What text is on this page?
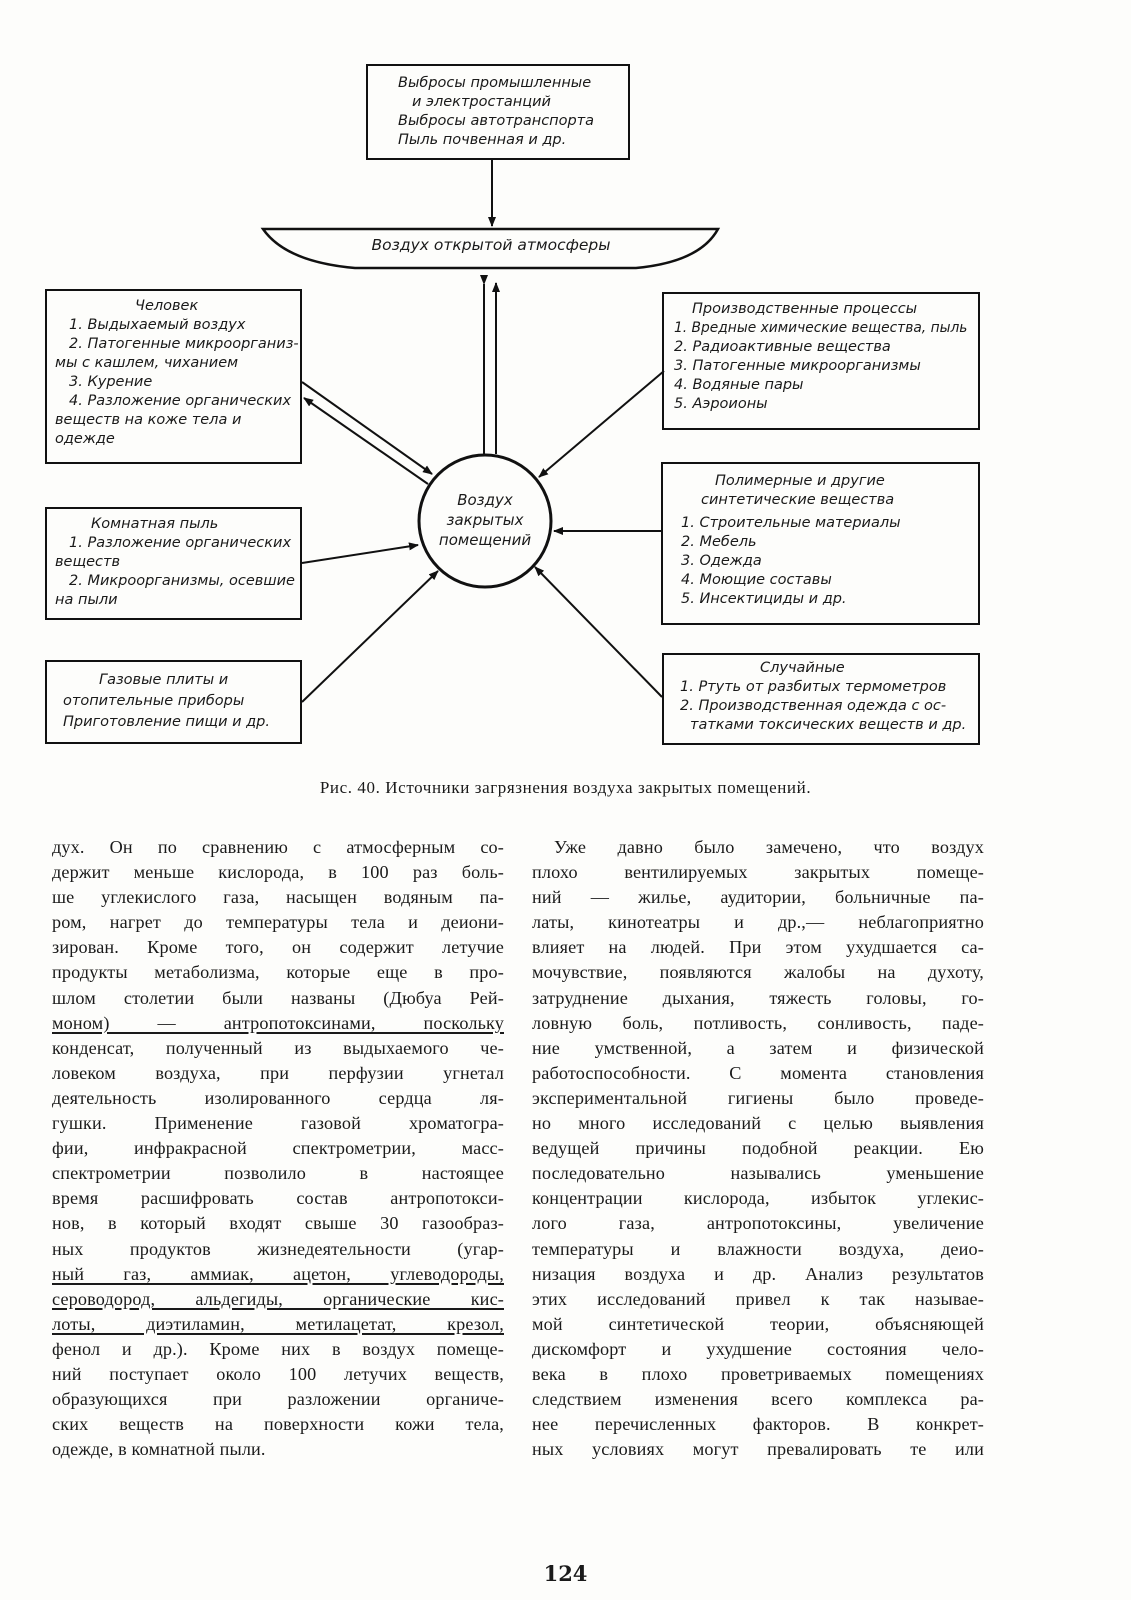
Воздух открытой атмосферы
Воздух
закрытых
помещений
Выбросы промышленные
и электростанций
Выбросы автотранспорта
Пыль почвенная и др.
Человек
1. Выдыхаемый воздух
2. Патогенные микроорганиз-
мы с кашлем, чиханием
3. Курение
4. Разложение органических
веществ на коже тела и
одежде
Комнатная пыль
1. Разложение органических
веществ
2. Микроорганизмы, осевшие
на пыли
Газовые плиты и
отопительные приборы
Приготовление пищи и др.
Производственные процессы
1. Вредные химические вещества, пыль
2. Радиоактивные вещества
3. Патогенные микроорганизмы
4. Водяные пары
5. Аэроионы
Полимерные и другие
синтетические вещества
1. Строительные материалы
2. Мебель
3. Одежда
4. Моющие составы
5. Инсектициды и др.
Случайные
1. Ртуть от разбитых термометров
2. Производственная одежда с ос-
татками токсических веществ и др.
Рис. 40. Источники загрязнения воздуха закрытых помещений.
дух. Он по сравнению с атмосферным со-
держит меньше кислорода, в 100 раз боль-
ше углекислого газа, насыщен водяным па-
ром, нагрет до температуры тела и деиони-
зирован. Кроме того, он содержит летучие
продукты метаболизма, которые еще в про-
шлом столетии были названы (Дюбуа Рей-
моном) — антропотоксинами, поскольку
конденсат, полученный из выдыхаемого че-
ловеком воздуха, при перфузии угнетал
деятельность изолированного сердца ля-
гушки. Применение газовой хроматогра-
фии, инфракрасной спектрометрии, масс-
спектрометрии позволило в настоящее
время расшифровать состав антропотокси-
нов, в который входят свыше 30 газообраз-
ных продуктов жизнедеятельности (угар-
ный газ, аммиак, ацетон, углеводороды,
сероводород, альдегиды, органические кис-
лоты, диэтиламин, метилацетат, крезол,
фенол и др.). Кроме них в воздух помеще-
ний поступает около 100 летучих веществ,
образующихся при разложении органиче-
ских веществ на поверхности кожи тела,
одежде, в комнатной пыли.
Уже давно было замечено, что воздух
плохо вентилируемых закрытых помеще-
ний — жилье, аудитории, больничные па-
латы, кинотеатры и др.,— неблагоприятно
влияет на людей. При этом ухудшается са-
мочувствие, появляются жалобы на духоту,
затруднение дыхания, тяжесть головы, го-
ловную боль, потливость, сонливость, паде-
ние умственной, а затем и физической
работоспособности. С момента становления
экспериментальной гигиены было проведе-
но много исследований с целью выявления
ведущей причины подобной реакции. Ею
последовательно назывались уменьшение
концентрации кислорода, избыток углекис-
лого газа, антропотоксины, увеличение
температуры и влажности воздуха, деио-
низация воздуха и др. Анализ результатов
этих исследований привел к так называе-
мой синтетической теории, объясняющей
дискомфорт и ухудшение состояния чело-
века в плохо проветриваемых помещениях
следствием изменения всего комплекса ра-
нее перечисленных факторов. В конкрет-
ных условиях могут превалировать те или
124
